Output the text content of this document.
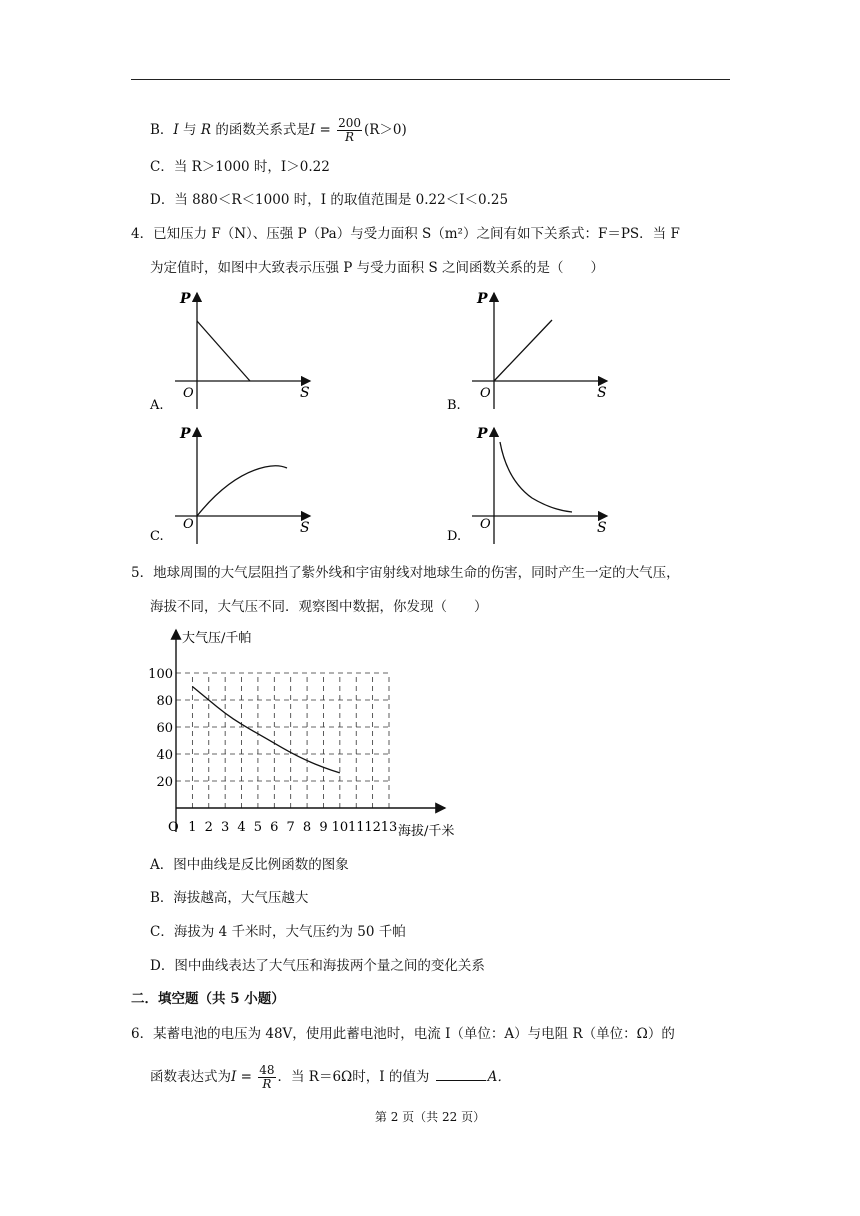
B．I 与 R 的函数关系式是$I = \frac{200}{R} (R>0)$
C．当 R＞1000 时，I＞0.22
D．当 880＜R＜1000 时，I 的取值范围是 0.22＜I＜0.25
4．已知压力 F（N）、压强 P（Pa）与受力面积 S（m²）之间有如下关系式：F＝PS．当 F
为定值时，如图中大致表示压强 P 与受力面积 S 之间函数关系的是（　　）
P
S
O
A.
P
S
O
B.
P
S
O
C.
P
S
O
D.
5．地球周围的大气层阻挡了紫外线和宇宙射线对地球生命的伤害，同时产生一定的大气压，
海拔不同，大气压不同．观察图中数据，你发现（　　）
大气压/千帕
海拔/千米
O 1 2 3 4 5 6 7 8 9 10 11 12 13
20
40
60
80
100
A．图中曲线是反比例函数的图象
B．海拔越高，大气压越大
C．海拔为 4 千米时，大气压约为 50 千帕
D．图中曲线表达了大气压和海拔两个量之间的变化关系
二．填空题（共 5 小题）
6．某蓄电池的电压为 48V，使用此蓄电池时，电流 I（单位：A）与电阻 R（单位：Ω）的
函数表达式为$I = \frac{48}{R}$ ．当 R＝6Ω时，I 的值为	A．
第 2 页（共 22 页）
